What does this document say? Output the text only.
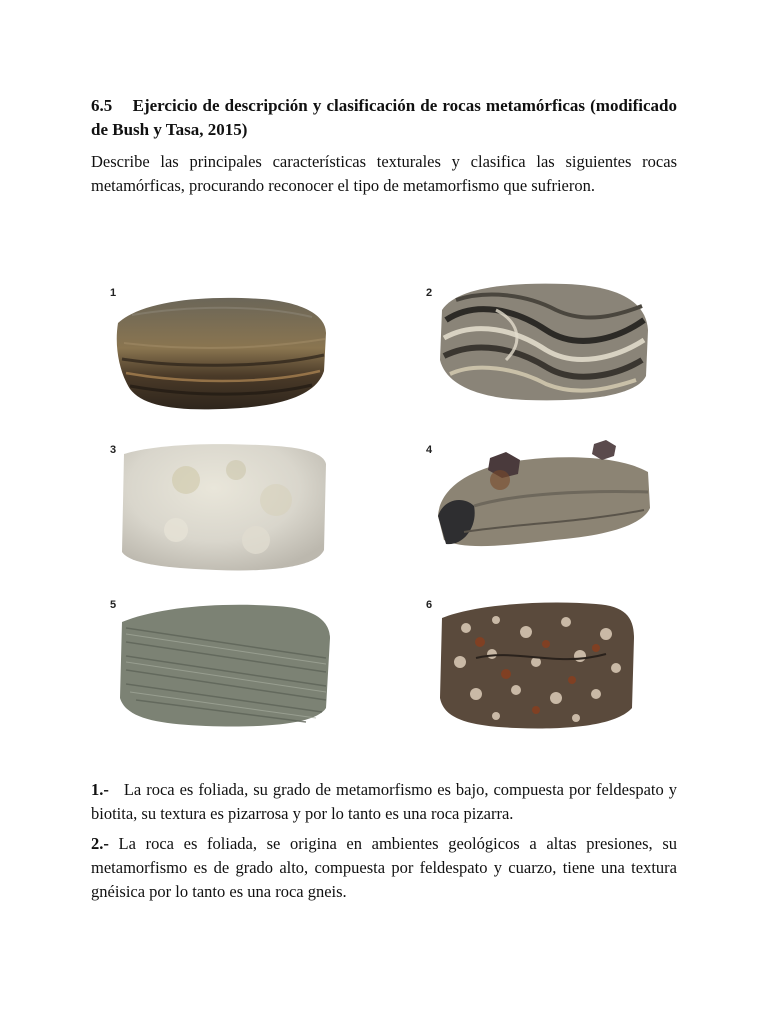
6.5 Ejercicio de descripción y clasificación de rocas metamórficas (modificado de Bush y Tasa, 2015)
Describe las principales características texturales y clasifica las siguientes rocas metamórficas, procurando reconocer el tipo de metamorfismo que sufrieron.
1	2
3	4
5	6
1.- La roca es foliada, su grado de metamorfismo es bajo, compuesta por feldespato y biotita, su textura es pizarrosa y por lo tanto es una roca pizarra.
2.- La roca es foliada, se origina en ambientes geológicos a altas presiones, su metamorfismo es de grado alto, compuesta por feldespato y cuarzo, tiene una textura gnéisica por lo tanto es una roca gneis.
